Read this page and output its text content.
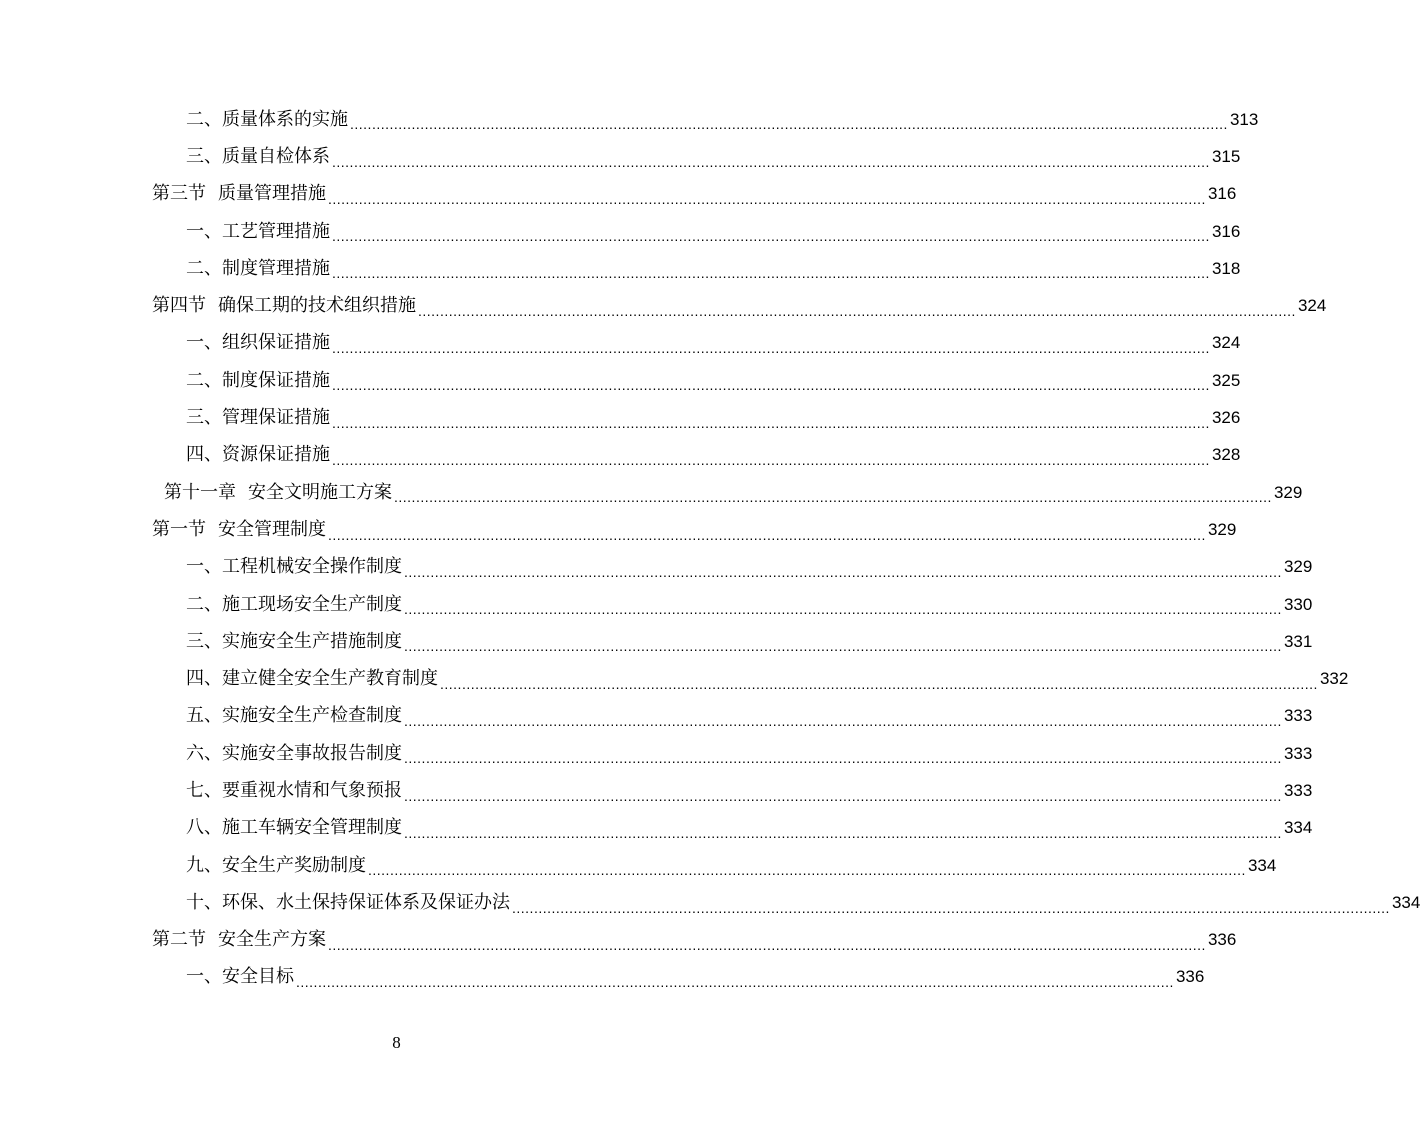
二、质量体系的实施 ........................................................................................................................................................................................................ 313
三、质量自检体系 ........................................................................................................................................................................................................ 315
第三节 质量管理措施 ........................................................................................................................................................................................................ 316
一、工艺管理措施 ........................................................................................................................................................................................................ 316
二、制度管理措施 ........................................................................................................................................................................................................ 318
第四节 确保工期的技术组织措施 ........................................................................................................................................................................................................ 324
一、组织保证措施 ........................................................................................................................................................................................................ 324
二、制度保证措施 ........................................................................................................................................................................................................ 325
三、管理保证措施 ........................................................................................................................................................................................................ 326
四、资源保证措施 ........................................................................................................................................................................................................ 328
第十一章 安全文明施工方案 ........................................................................................................................................................................................................ 329
第一节 安全管理制度 ........................................................................................................................................................................................................ 329
一、工程机械安全操作制度 ........................................................................................................................................................................................................ 329
二、施工现场安全生产制度 ........................................................................................................................................................................................................ 330
三、实施安全生产措施制度 ........................................................................................................................................................................................................ 331
四、建立健全安全生产教育制度 ........................................................................................................................................................................................................ 332
五、实施安全生产检查制度 ........................................................................................................................................................................................................ 333
六、实施安全事故报告制度 ........................................................................................................................................................................................................ 333
七、要重视水情和气象预报 ........................................................................................................................................................................................................ 333
八、施工车辆安全管理制度 ........................................................................................................................................................................................................ 334
九、安全生产奖励制度 ........................................................................................................................................................................................................ 334
十、环保、水土保持保证体系及保证办法 ........................................................................................................................................................................................................ 334
第二节 安全生产方案 ........................................................................................................................................................................................................ 336
一、安全目标 ........................................................................................................................................................................................................ 336
8
